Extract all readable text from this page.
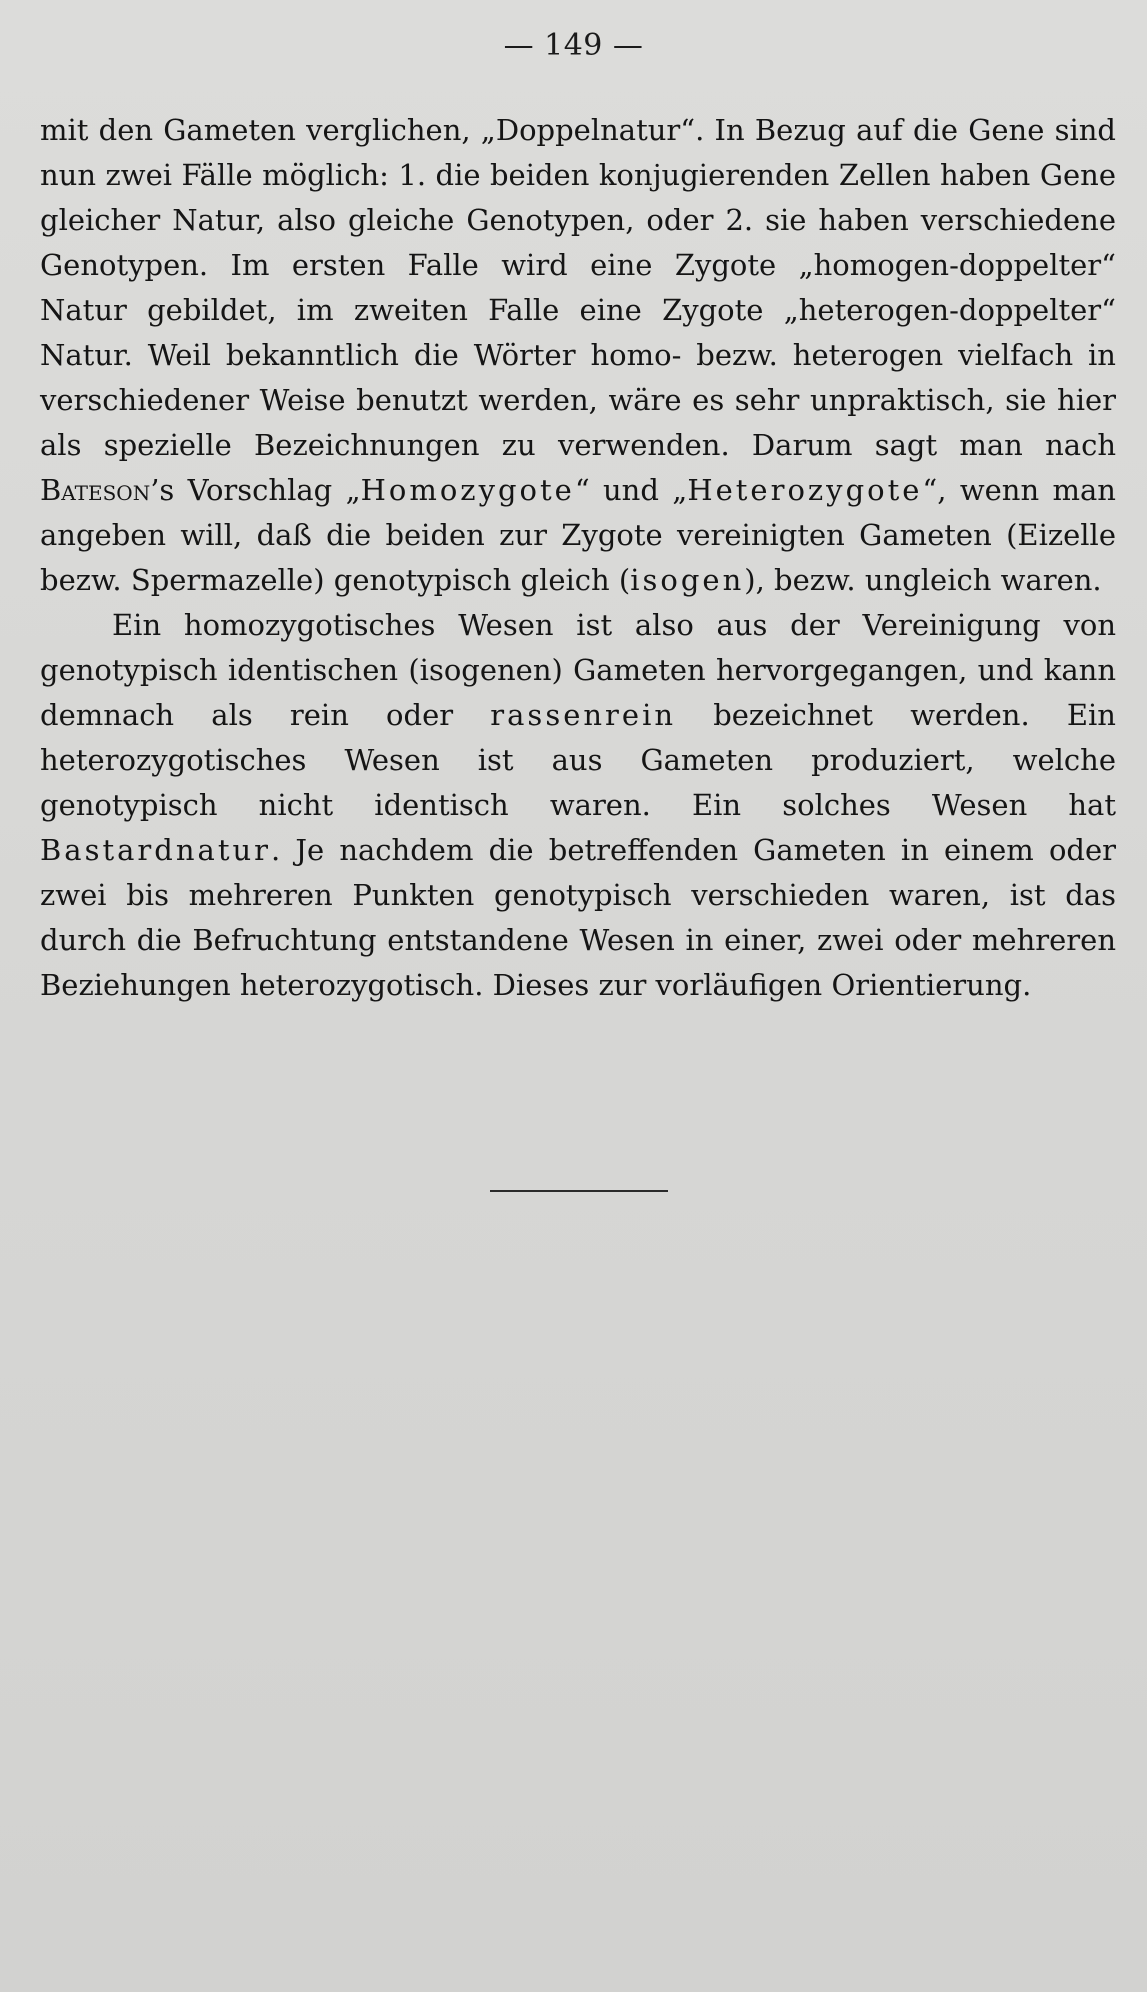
— 149 —

mit den Gameten verglichen, „Doppelnatur“. In Bezug auf die Gene sind nun zwei Fälle möglich: 1. die beiden konjugierenden Zellen haben Gene gleicher Natur, also gleiche Genotypen, oder 2. sie haben verschiedene Genotypen. Im ersten Falle wird eine Zygote „homogen-doppelter“ Natur gebildet, im zweiten Falle eine Zygote „heterogen-doppelter“ Natur. Weil bekanntlich die Wörter homo- bezw. heterogen vielfach in verschiedener Weise benutzt werden, wäre es sehr unpraktisch, sie hier als spezielle Bezeichnungen zu verwenden. Darum sagt man nach Bateson’s Vorschlag „Homozygote“ und „Heterozygote“, wenn man angeben will, daß die beiden zur Zygote vereinigten Gameten (Eizelle bezw. Spermazelle) genotypisch gleich (isogen), bezw. ungleich waren.

Ein homozygotisches Wesen ist also aus der Vereinigung von genotypisch identischen (isogenen) Gameten hervorgegangen, und kann demnach als rein oder rassenrein bezeichnet werden. Ein heterozygotisches Wesen ist aus Gameten produziert, welche genotypisch nicht identisch waren. Ein solches Wesen hat Bastardnatur. Je nachdem die betreffenden Gameten in einem oder zwei bis mehreren Punkten genotypisch verschieden waren, ist das durch die Befruchtung entstandene Wesen in einer, zwei oder mehreren Beziehungen heterozygotisch. Dieses zur vorläufigen Orientierung.
